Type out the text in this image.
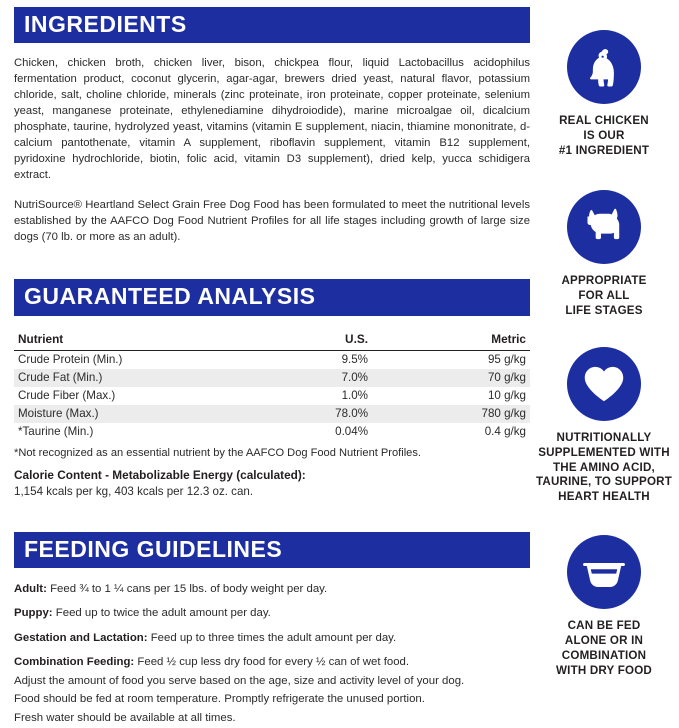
INGREDIENTS
Chicken, chicken broth, chicken liver, bison, chickpea flour, liquid Lactobacillus acidophilus fermentation product, coconut glycerin, agar-agar, brewers dried yeast, natural flavor, potassium chloride, salt, choline chloride, minerals (zinc proteinate, iron proteinate, copper proteinate, selenium yeast, manganese proteinate, ethylenediamine dihydroiodide), marine microalgae oil, dicalcium phosphate, taurine, hydrolyzed yeast, vitamins (vitamin E supplement, niacin, thiamine mononitrate, d-calcium pantothenate, vitamin A supplement, riboflavin supplement, vitamin B12 supplement, pyridoxine hydrochloride, biotin, folic acid, vitamin D3 supplement), dried kelp, yucca schidigera extract.
NutriSource® Heartland Select Grain Free Dog Food has been formulated to meet the nutritional levels established by the AAFCO Dog Food Nutrient Profiles for all life stages including growth of large size dogs (70 lb. or more as an adult).
GUARANTEED ANALYSIS
Nutrient	U.S.	Metric
Crude Protein (Min.)	9.5%	95 g/kg
Crude Fat (Min.)	7.0%	70 g/kg
Crude Fiber (Max.)	1.0%	10 g/kg
Moisture (Max.)	78.0%	780 g/kg
*Taurine (Min.)	0.04%	0.4 g/kg
*Not recognized as an essential nutrient by the AAFCO Dog Food Nutrient Profiles.
Calorie Content - Metabolizable Energy (calculated):
1,154 kcals per kg, 403 kcals per 12.3 oz. can.
FEEDING GUIDELINES
Adult: Feed ¾ to 1 ¼ cans per 15 lbs. of body weight per day.
Puppy: Feed up to twice the adult amount per day.
Gestation and Lactation: Feed up to three times the adult amount per day.
Combination Feeding: Feed ½ cup less dry food for every ½ can of wet food.
Adjust the amount of food you serve based on the age, size and activity level of your dog.
Food should be fed at room temperature. Promptly refrigerate the unused portion.
Fresh water should be available at all times.
REAL CHICKEN
IS OUR
#1 INGREDIENT
APPROPRIATE
FOR ALL
LIFE STAGES
NUTRITIONALLY
SUPPLEMENTED WITH
THE AMINO ACID,
TAURINE, TO SUPPORT
HEART HEALTH
CAN BE FED
ALONE OR IN
COMBINATION
WITH DRY FOOD
